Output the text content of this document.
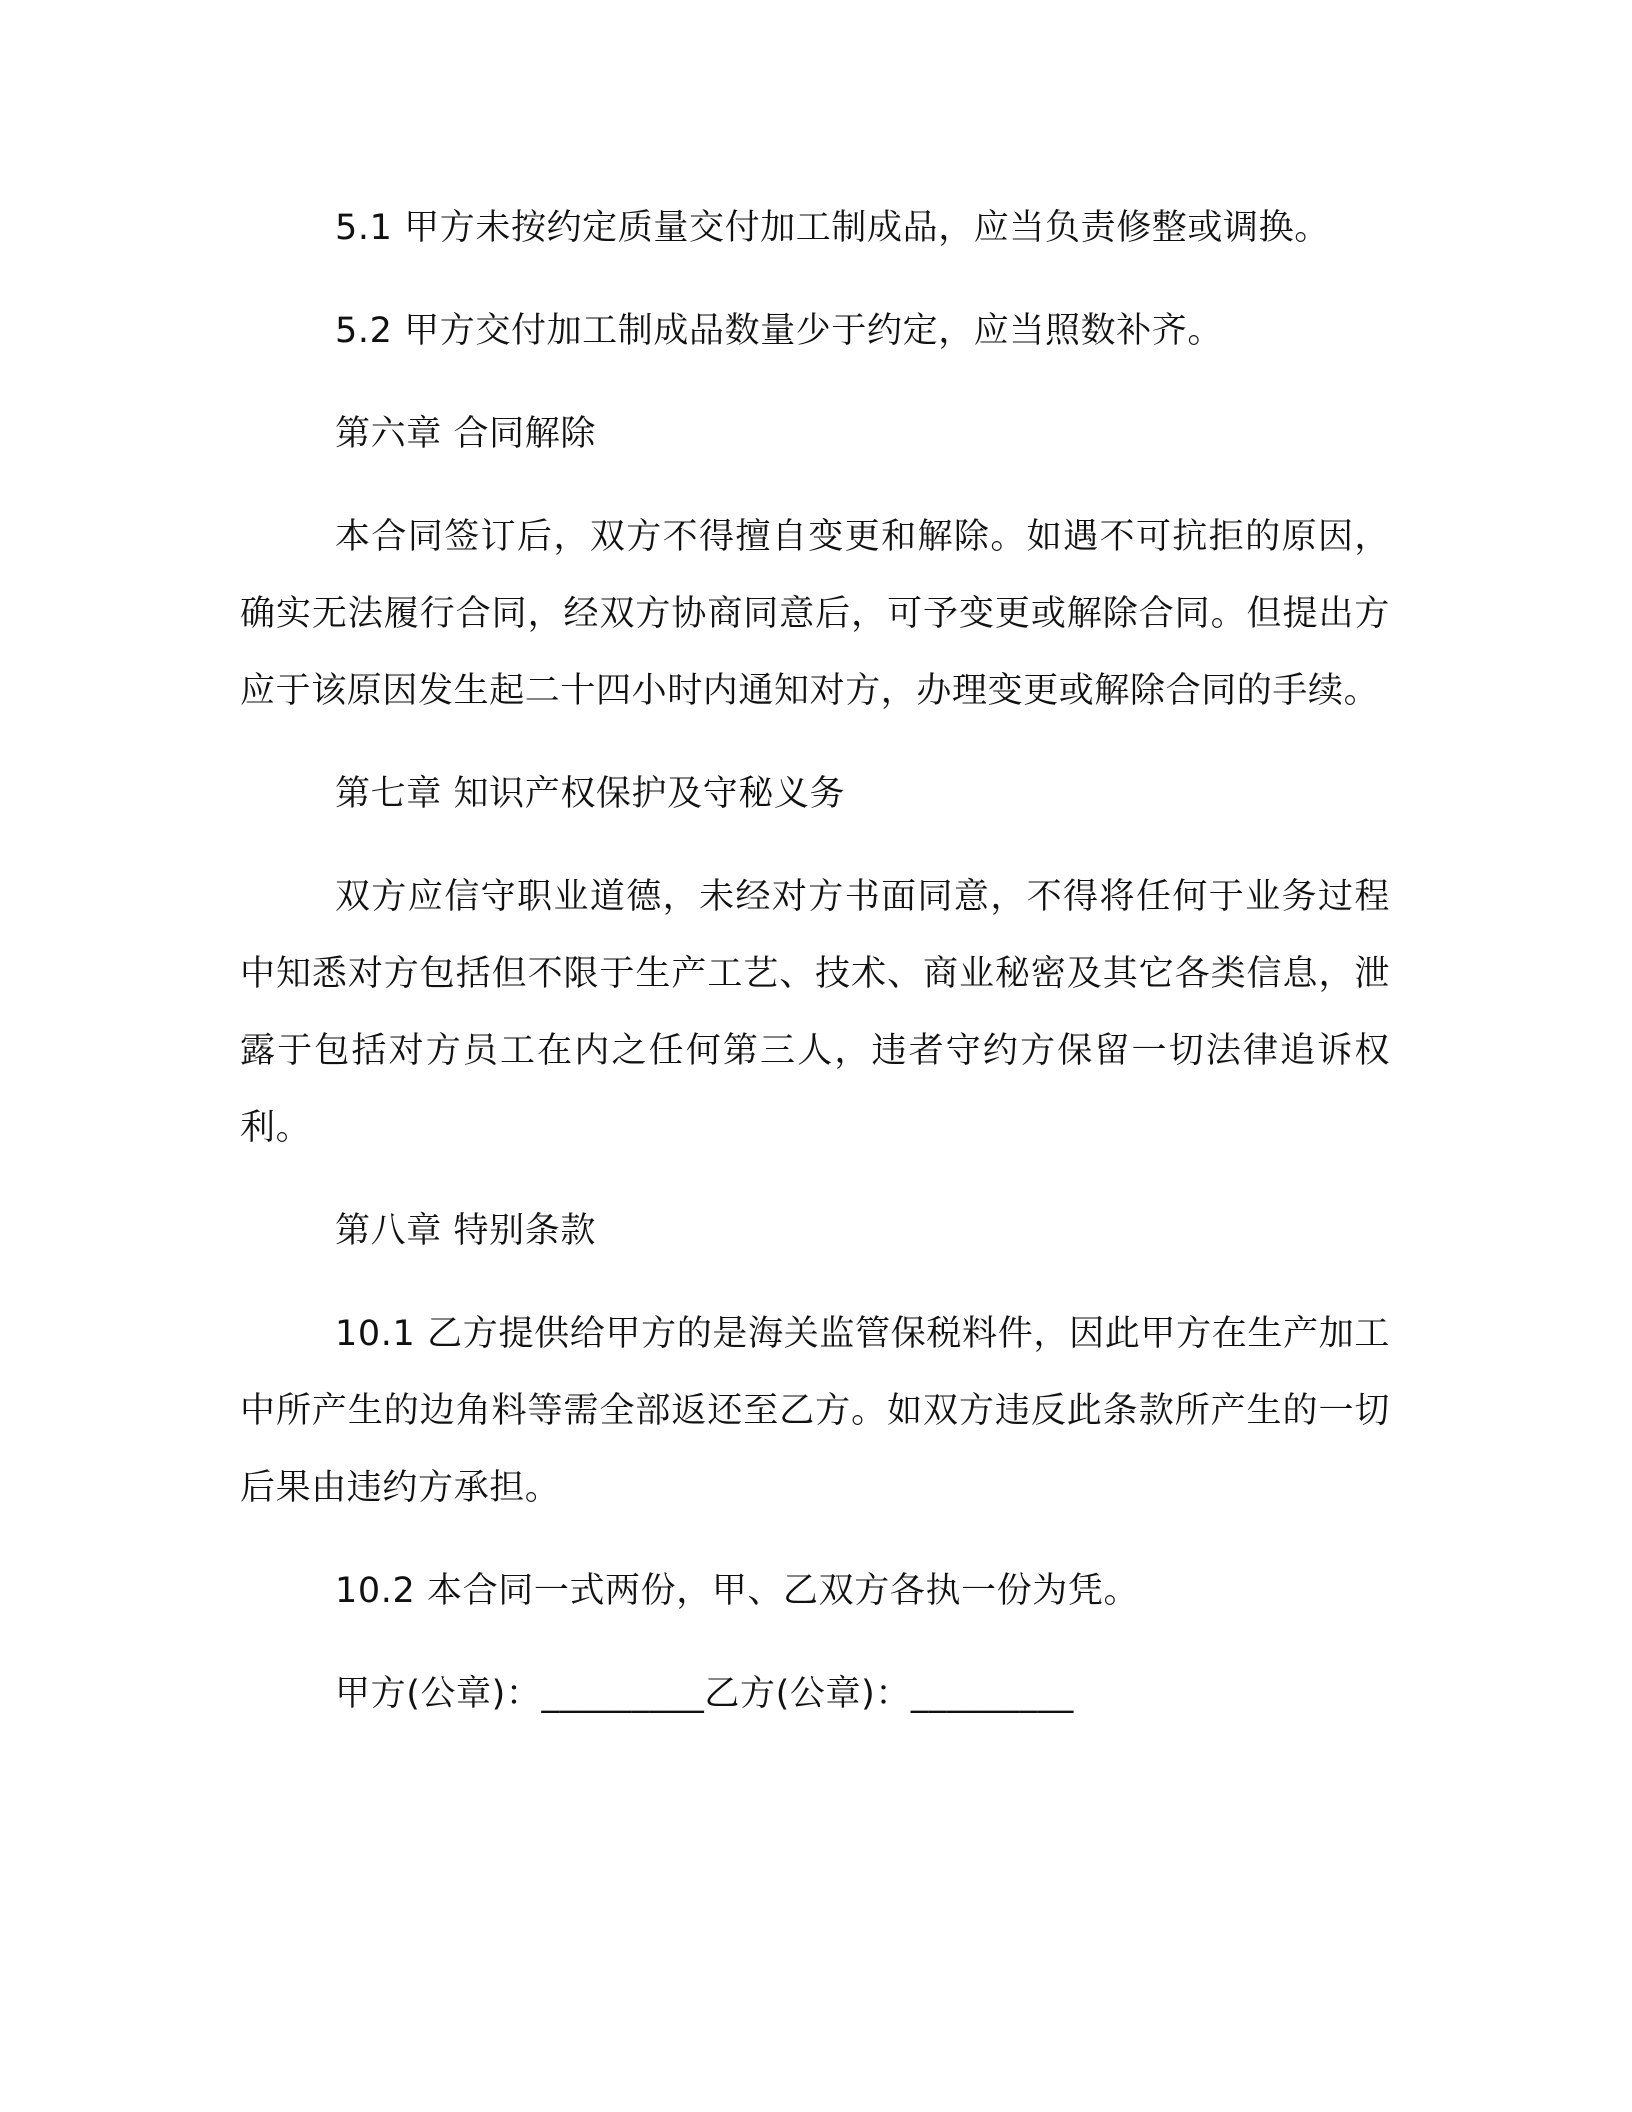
5.1 甲方未按约定质量交付加工制成品，应当负责修整或调换。

5.2 甲方交付加工制成品数量少于约定，应当照数补齐。

第六章 合同解除

本合同签订后，双方不得擅自变更和解除。如遇不可抗拒的原因，确实无法履行合同，经双方协商同意后，可予变更或解除合同。但提出方应于该原因发生起二十四小时内通知对方，办理变更或解除合同的手续。

第七章 知识产权保护及守秘义务

双方应信守职业道德，未经对方书面同意，不得将任何于业务过程中知悉对方包括但不限于生产工艺、技术、商业秘密及其它各类信息，泄露于包括对方员工在内之任何第三人，违者守约方保留一切法律追诉权利。

第八章 特别条款

10.1 乙方提供给甲方的是海关监管保税料件，因此甲方在生产加工中所产生的边角料等需全部返还至乙方。如双方违反此条款所产生的一切后果由违约方承担。

10.2 本合同一式两份，甲、乙双方各执一份为凭。

甲方(公章)：_________乙方(公章)：_________
